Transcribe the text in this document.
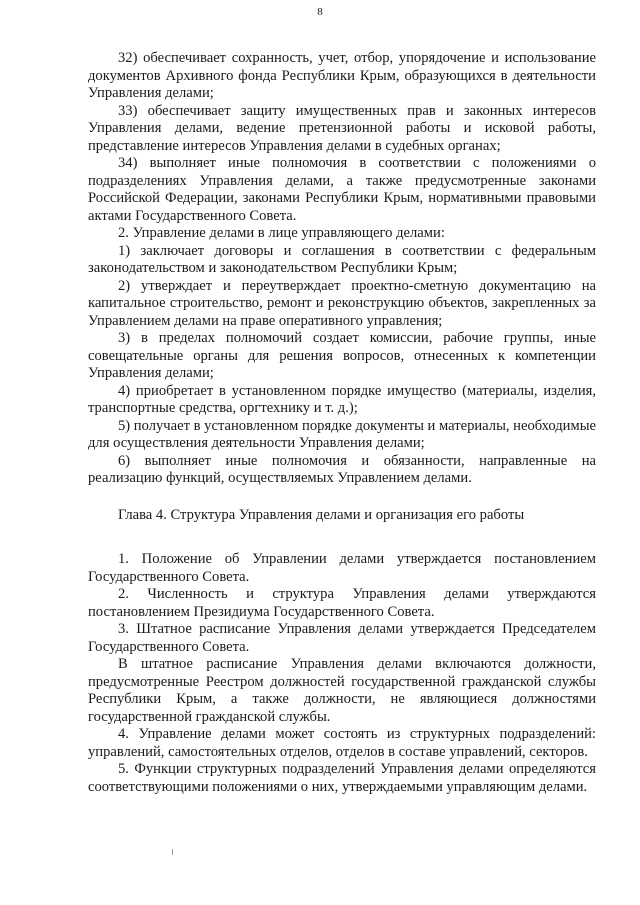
8

32) обеспечивает сохранность, учет, отбор, упорядочение и использование документов Архивного фонда Республики Крым, образующихся в деятельности Управления делами;

33) обеспечивает защиту имущественных прав и законных интересов Управления делами, ведение претензионной работы и исковой работы, представление интересов Управления делами в судебных органах;

34) выполняет иные полномочия в соответствии с положениями о подразделениях Управления делами, а также предусмотренные законами Российской Федерации, законами Республики Крым, нормативными правовыми актами Государственного Совета.

2. Управление делами в лице управляющего делами:

1) заключает договоры и соглашения в соответствии с федеральным законодательством и законодательством Республики Крым;

2) утверждает и переутверждает проектно-сметную документацию на капитальное строительство, ремонт и реконструкцию объектов, закрепленных за Управлением делами на праве оперативного управления;

3) в пределах полномочий создает комиссии, рабочие группы, иные совещательные органы для решения вопросов, отнесенных к компетенции Управления делами;

4) приобретает в установленном порядке имущество (материалы, изделия, транспортные средства, оргтехнику и т. д.);

5) получает в установленном порядке документы и материалы, необходимые для осуществления деятельности Управления делами;

6) выполняет иные полномочия и обязанности, направленные на реализацию функций, осуществляемых Управлением делами.

Глава 4. Структура Управления делами и организация его работы

1. Положение об Управлении делами утверждается постановлением Государственного Совета.

2. Численность и структура Управления делами утверждаются постановлением Президиума Государственного Совета.

3. Штатное расписание Управления делами утверждается Председателем Государственного Совета.

В штатное расписание Управления делами включаются должности, предусмотренные Реестром должностей государственной гражданской службы Республики Крым, а также должности, не являющиеся должностями государственной гражданской службы.

4. Управление делами может состоять из структурных подразделений: управлений, самостоятельных отделов, отделов в составе управлений, секторов.

5. Функции структурных подразделений Управления делами определяются соответствующими положениями о них, утверждаемыми управляющим делами.
